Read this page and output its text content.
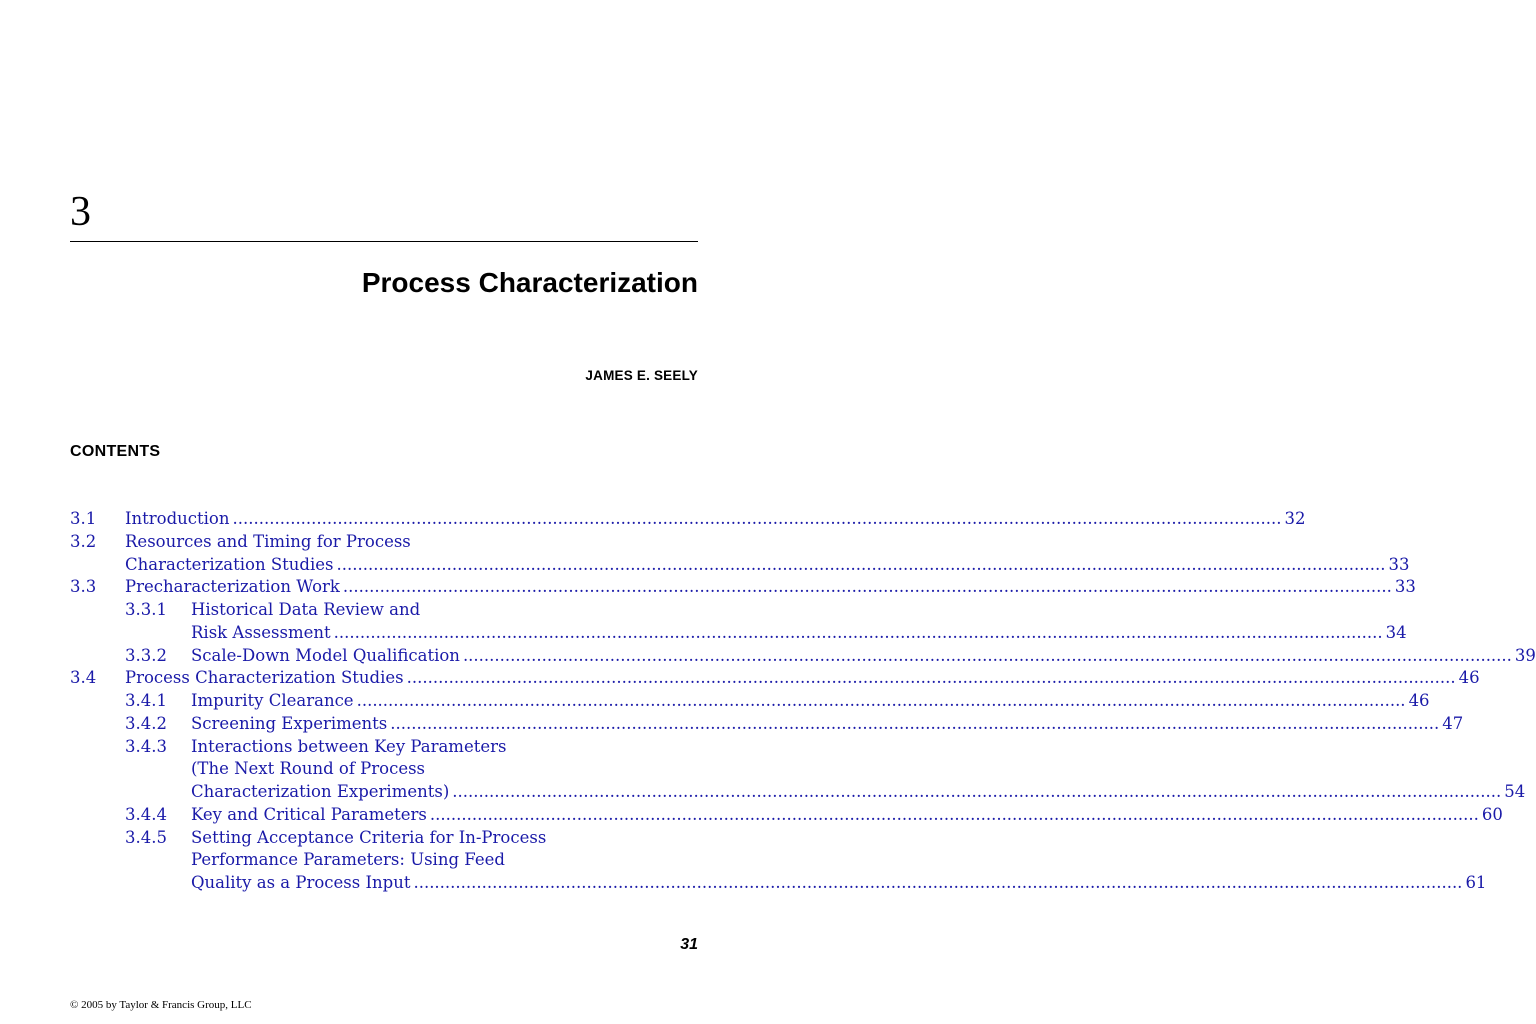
3
Process Characterization
JAMES E. SEELY
CONTENTS
3.1 Introduction ........................................................................................................................................................................................................ 32
3.2 Resources and Timing for Process
Characterization Studies ........................................................................................................................................................................................................ 33
3.3 Precharacterization Work ........................................................................................................................................................................................................ 33
3.3.1 Historical Data Review and
Risk Assessment ........................................................................................................................................................................................................ 34
3.3.2 Scale-Down Model Qualification ........................................................................................................................................................................................................ 39
3.4 Process Characterization Studies ........................................................................................................................................................................................................ 46
3.4.1 Impurity Clearance ........................................................................................................................................................................................................ 46
3.4.2 Screening Experiments ........................................................................................................................................................................................................ 47
3.4.3 Interactions between Key Parameters
(The Next Round of Process
Characterization Experiments) ........................................................................................................................................................................................................ 54
3.4.4 Key and Critical Parameters ........................................................................................................................................................................................................ 60
3.4.5 Setting Acceptance Criteria for In-Process
Performance Parameters: Using Feed
Quality as a Process Input ........................................................................................................................................................................................................ 61
31
© 2005 by Taylor & Francis Group, LLC
